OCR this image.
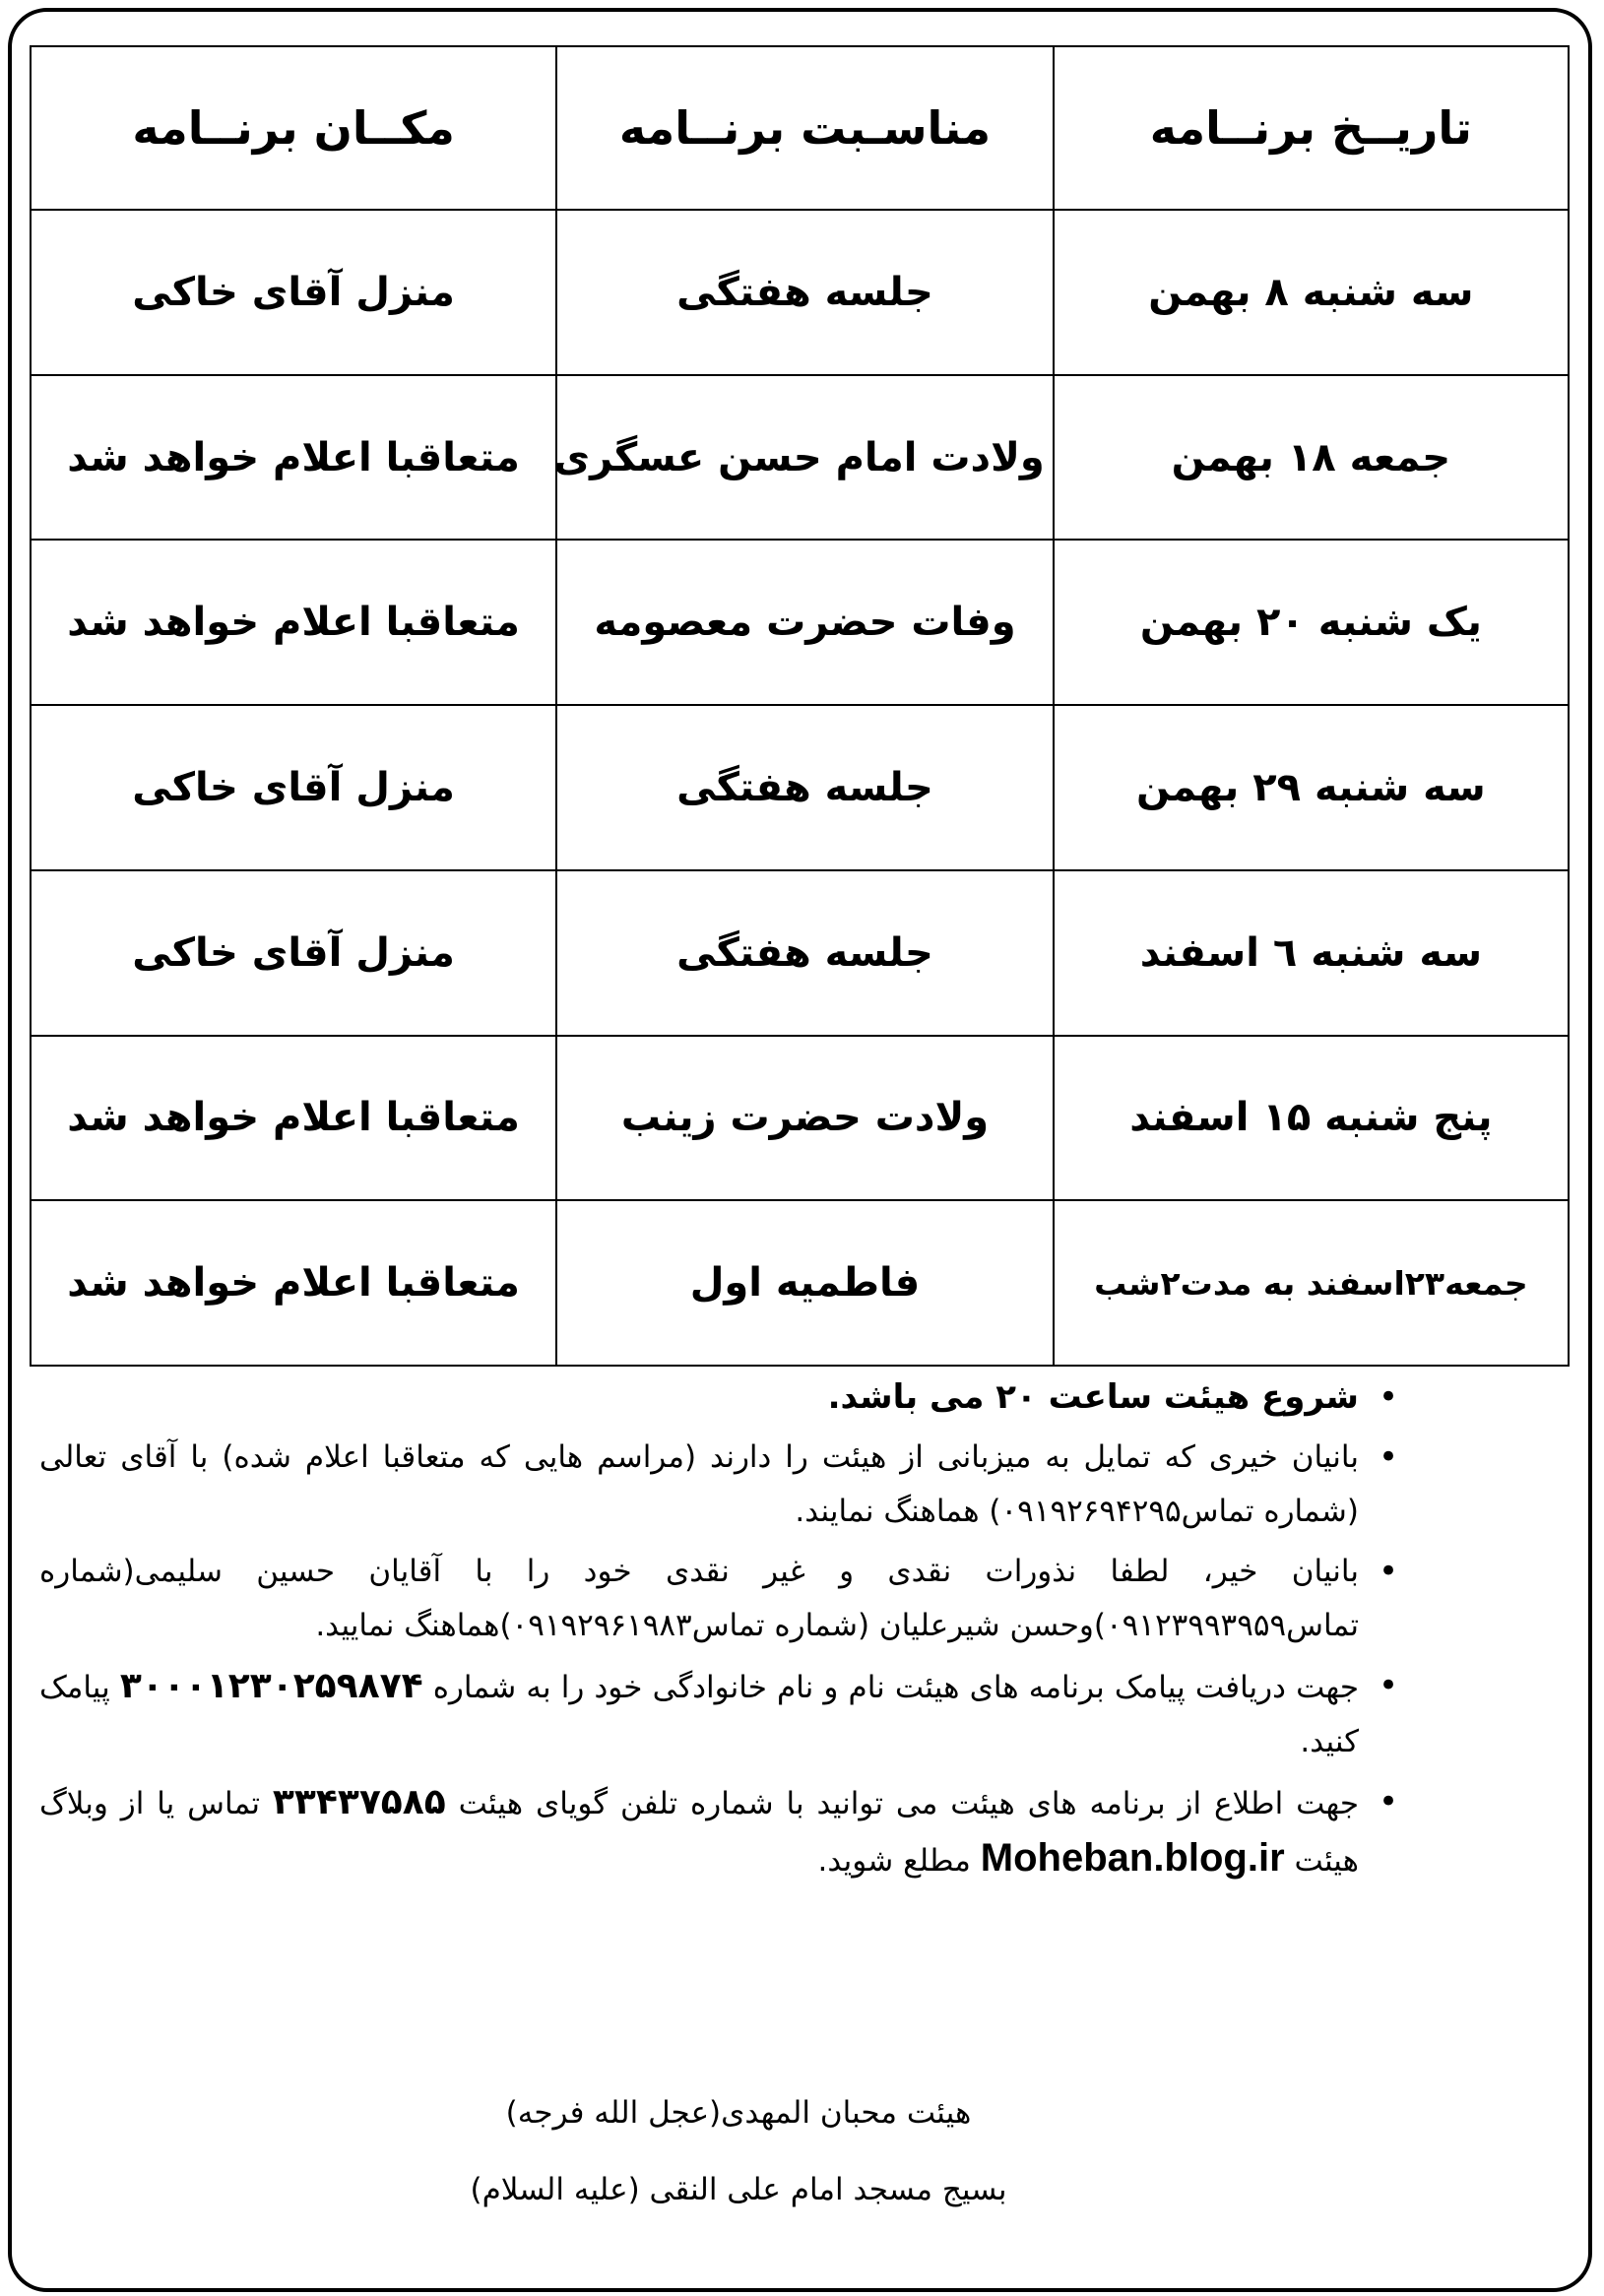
تاریــخ برنــامه	مناسـبت برنــامه	مکــان برنــامه
سه شنبه ۸ بهمن	جلسه هفتگی	منزل آقای خاکی
جمعه ۱۸ بهمن	ولادت امام حسن عسگری	متعاقبا اعلام خواهد شد
یک شنبه ۲۰ بهمن	وفات حضرت معصومه	متعاقبا اعلام خواهد شد
سه شنبه ۲۹ بهمن	جلسه هفتگی	منزل آقای خاکی
سه شنبه ٦ اسفند	جلسه هفتگی	منزل آقای خاکی
پنج شنبه ۱۵ اسفند	ولادت حضرت زینب	متعاقبا اعلام خواهد شد
جمعه۲۳اسفند به مدت۲شب	فاطمیه اول	متعاقبا اعلام خواهد شد
•
شروع هیئت ساعت ۲۰ می باشد.
•
بانیان خیری که تمایل به میزبانی از هیئت را دارند (مراسم هایی که متعاقبا اعلام شده) با آقای تعالی (شماره تماس۰۹۱۹۲۶۹۴۲۹۵) هماهنگ نمایند.
•
بانیان خیر، لطفا نذورات نقدی و غیر نقدی خود را با آقایان حسین سلیمی(شماره تماس۰۹۱۲۳۹۹۳۹۵۹)وحسن شیرعلیان (شماره تماس۰۹۱۹۲۹۶۱۹۸۳)هماهنگ نمایید.
•
جهت دریافت پیامک برنامه های هیئت نام و نام خانوادگی خود را به شماره ۳۰۰۰۱۲۳۰۲۵۹۸۷۴ پیامک کنید.
•
جهت اطلاع از برنامه های هیئت می توانید با شماره تلفن گویای هیئت ۳۳۴۳۷۵۸۵ تماس یا از وبلاگ هیئت Moheban.blog.ir مطلع شوید.
هیئت محبان المهدی(عجل الله فرجه)
بسیج مسجد امام علی النقی (علیه السلام)
